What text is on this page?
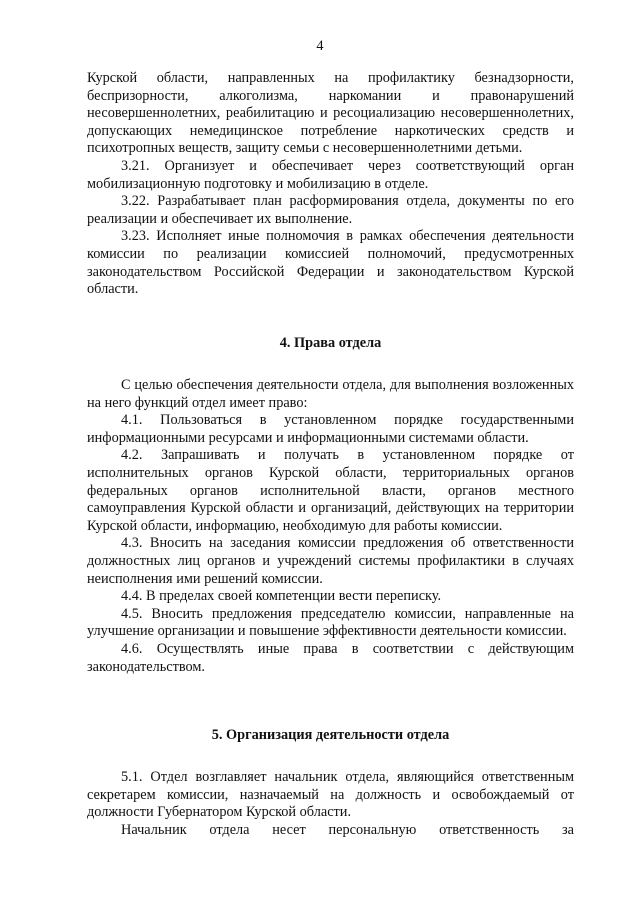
4

Курской области, направленных на профилактику безнадзорности, беспризорности, алкоголизма, наркомании и правонарушений несовершеннолетних, реабилитацию и ресоциализацию несовершеннолетних, допускающих немедицинское потребление наркотических средств и психотропных веществ, защиту семьи с несовершеннолетними детьми.

3.21. Организует и обеспечивает через соответствующий орган мобилизационную подготовку и мобилизацию в отделе.

3.22. Разрабатывает план расформирования отдела, документы по его реализации и обеспечивает их выполнение.

3.23. Исполняет иные полномочия в рамках обеспечения деятельности комиссии по реализации комиссией полномочий, предусмотренных законодательством Российской Федерации и законодательством Курской области.

4. Права отдела

С целью обеспечения деятельности отдела, для выполнения возложенных на него функций отдел имеет право:

4.1. Пользоваться в установленном порядке государственными информационными ресурсами и информационными системами области.

4.2. Запрашивать и получать в установленном порядке от исполнительных органов Курской области, территориальных органов федеральных органов исполнительной власти, органов местного самоуправления Курской области и организаций, действующих на территории Курской области, информацию, необходимую для работы комиссии.

4.3. Вносить на заседания комиссии предложения об ответственности должностных лиц органов и учреждений системы профилактики в случаях неисполнения ими решений комиссии.

4.4. В пределах своей компетенции вести переписку.

4.5. Вносить предложения председателю комиссии, направленные на улучшение организации и повышение эффективности деятельности комиссии.

4.6. Осуществлять иные права в соответствии с действующим законодательством.

5. Организация деятельности отдела

5.1. Отдел возглавляет начальник отдела, являющийся ответственным секретарем комиссии, назначаемый на должность и освобождаемый от должности Губернатором Курской области.

Начальник отдела несет персональную ответственность за
